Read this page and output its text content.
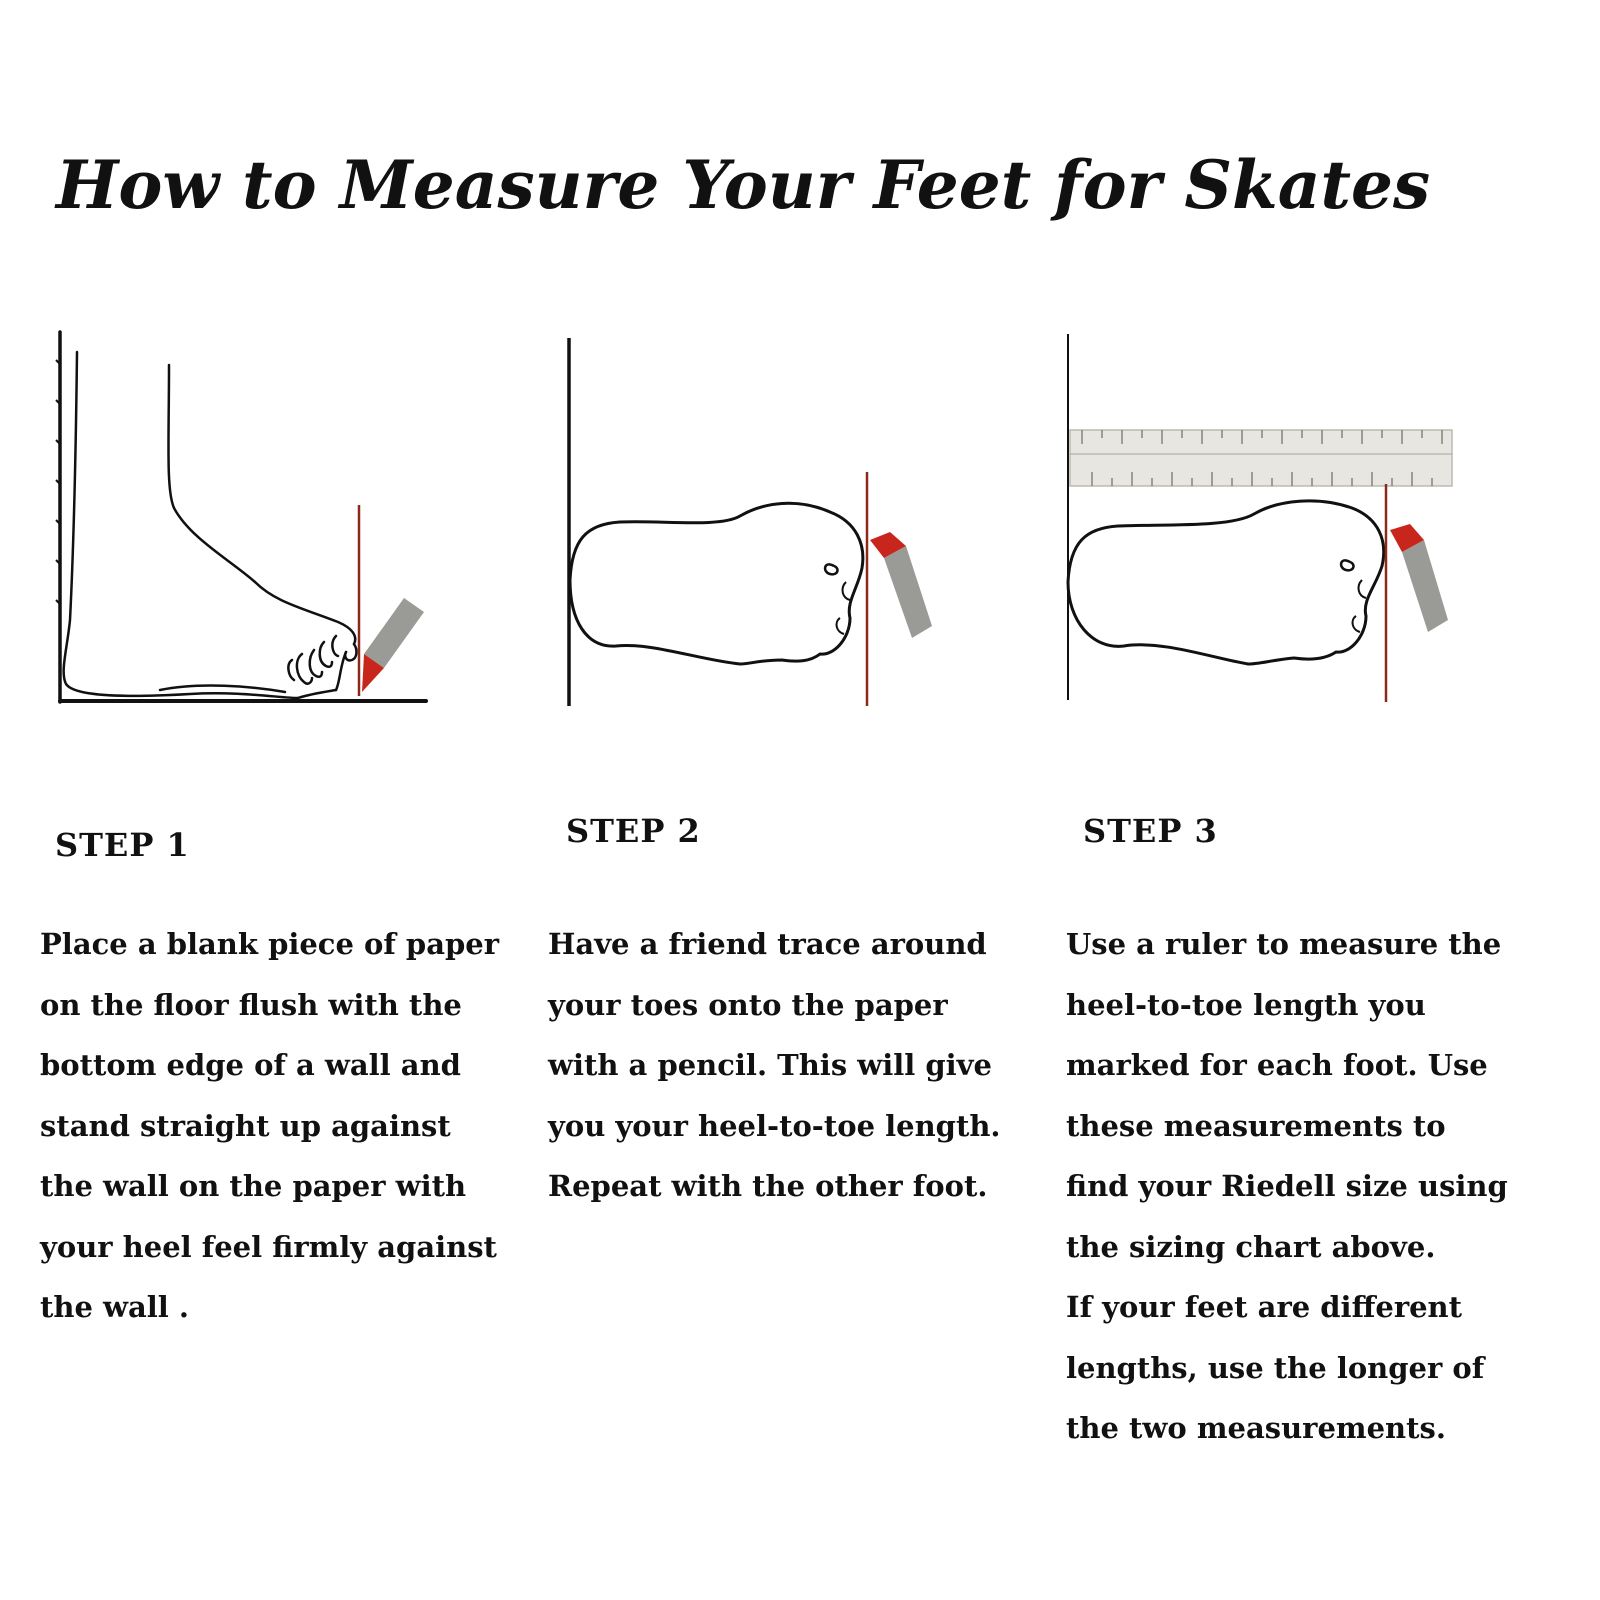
How to Measure Your Feet for Skates
STEP 1	STEP 2	STEP 3
Place a blank piece of paper
on the floor flush with the
bottom edge of a wall and
stand straight up against
the wall on the paper with
your heel feel firmly against
the wall .
Have a friend trace around
your toes onto the paper
with a pencil. This will give
you your heel-to-toe length.
Repeat with the other foot.
Use a ruler to measure the
heel-to-toe length you
marked for each foot. Use
these measurements to
find your Riedell size using
the sizing chart above.
If your feet are different
lengths, use the longer of
the two measurements.
